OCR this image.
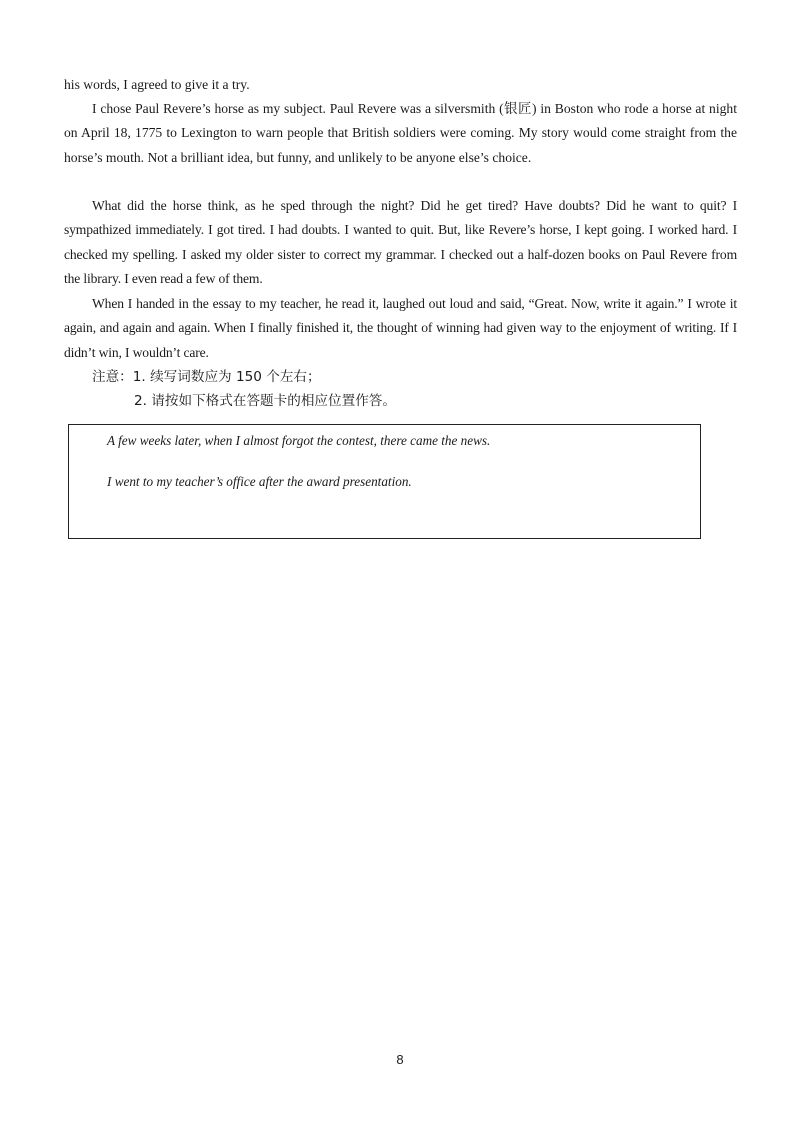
his words, I agreed to give it a try.

I chose Paul Revere’s horse as my subject. Paul Revere was a silversmith (银匠) in Boston who rode a horse at night on April 18, 1775 to Lexington to warn people that British soldiers were coming. My story would come straight from the horse’s mouth. Not a brilliant idea, but funny, and unlikely to be anyone else’s choice.

What did the horse think, as he sped through the night? Did he get tired? Have doubts? Did he want to quit? I sympathized immediately. I got tired. I had doubts. I wanted to quit. But, like Revere’s horse, I kept going. I worked hard. I checked my spelling. I asked my older sister to correct my grammar. I checked out a half-dozen books on Paul Revere from the library. I even read a few of them.

When I handed in the essay to my teacher, he read it, laughed out loud and said, “Great. Now, write it again.” I wrote it again, and again and again. When I finally finished it, the thought of winning had given way to the enjoyment of writing. If I didn’t win, I wouldn’t care.

注意：1. 续写词数应为 150 个左右；
2. 请按如下格式在答题卡的相应位置作答。
A few weeks later, when I almost forgot the contest, there came the news.
I went to my teacher’s office after the award presentation.
8
